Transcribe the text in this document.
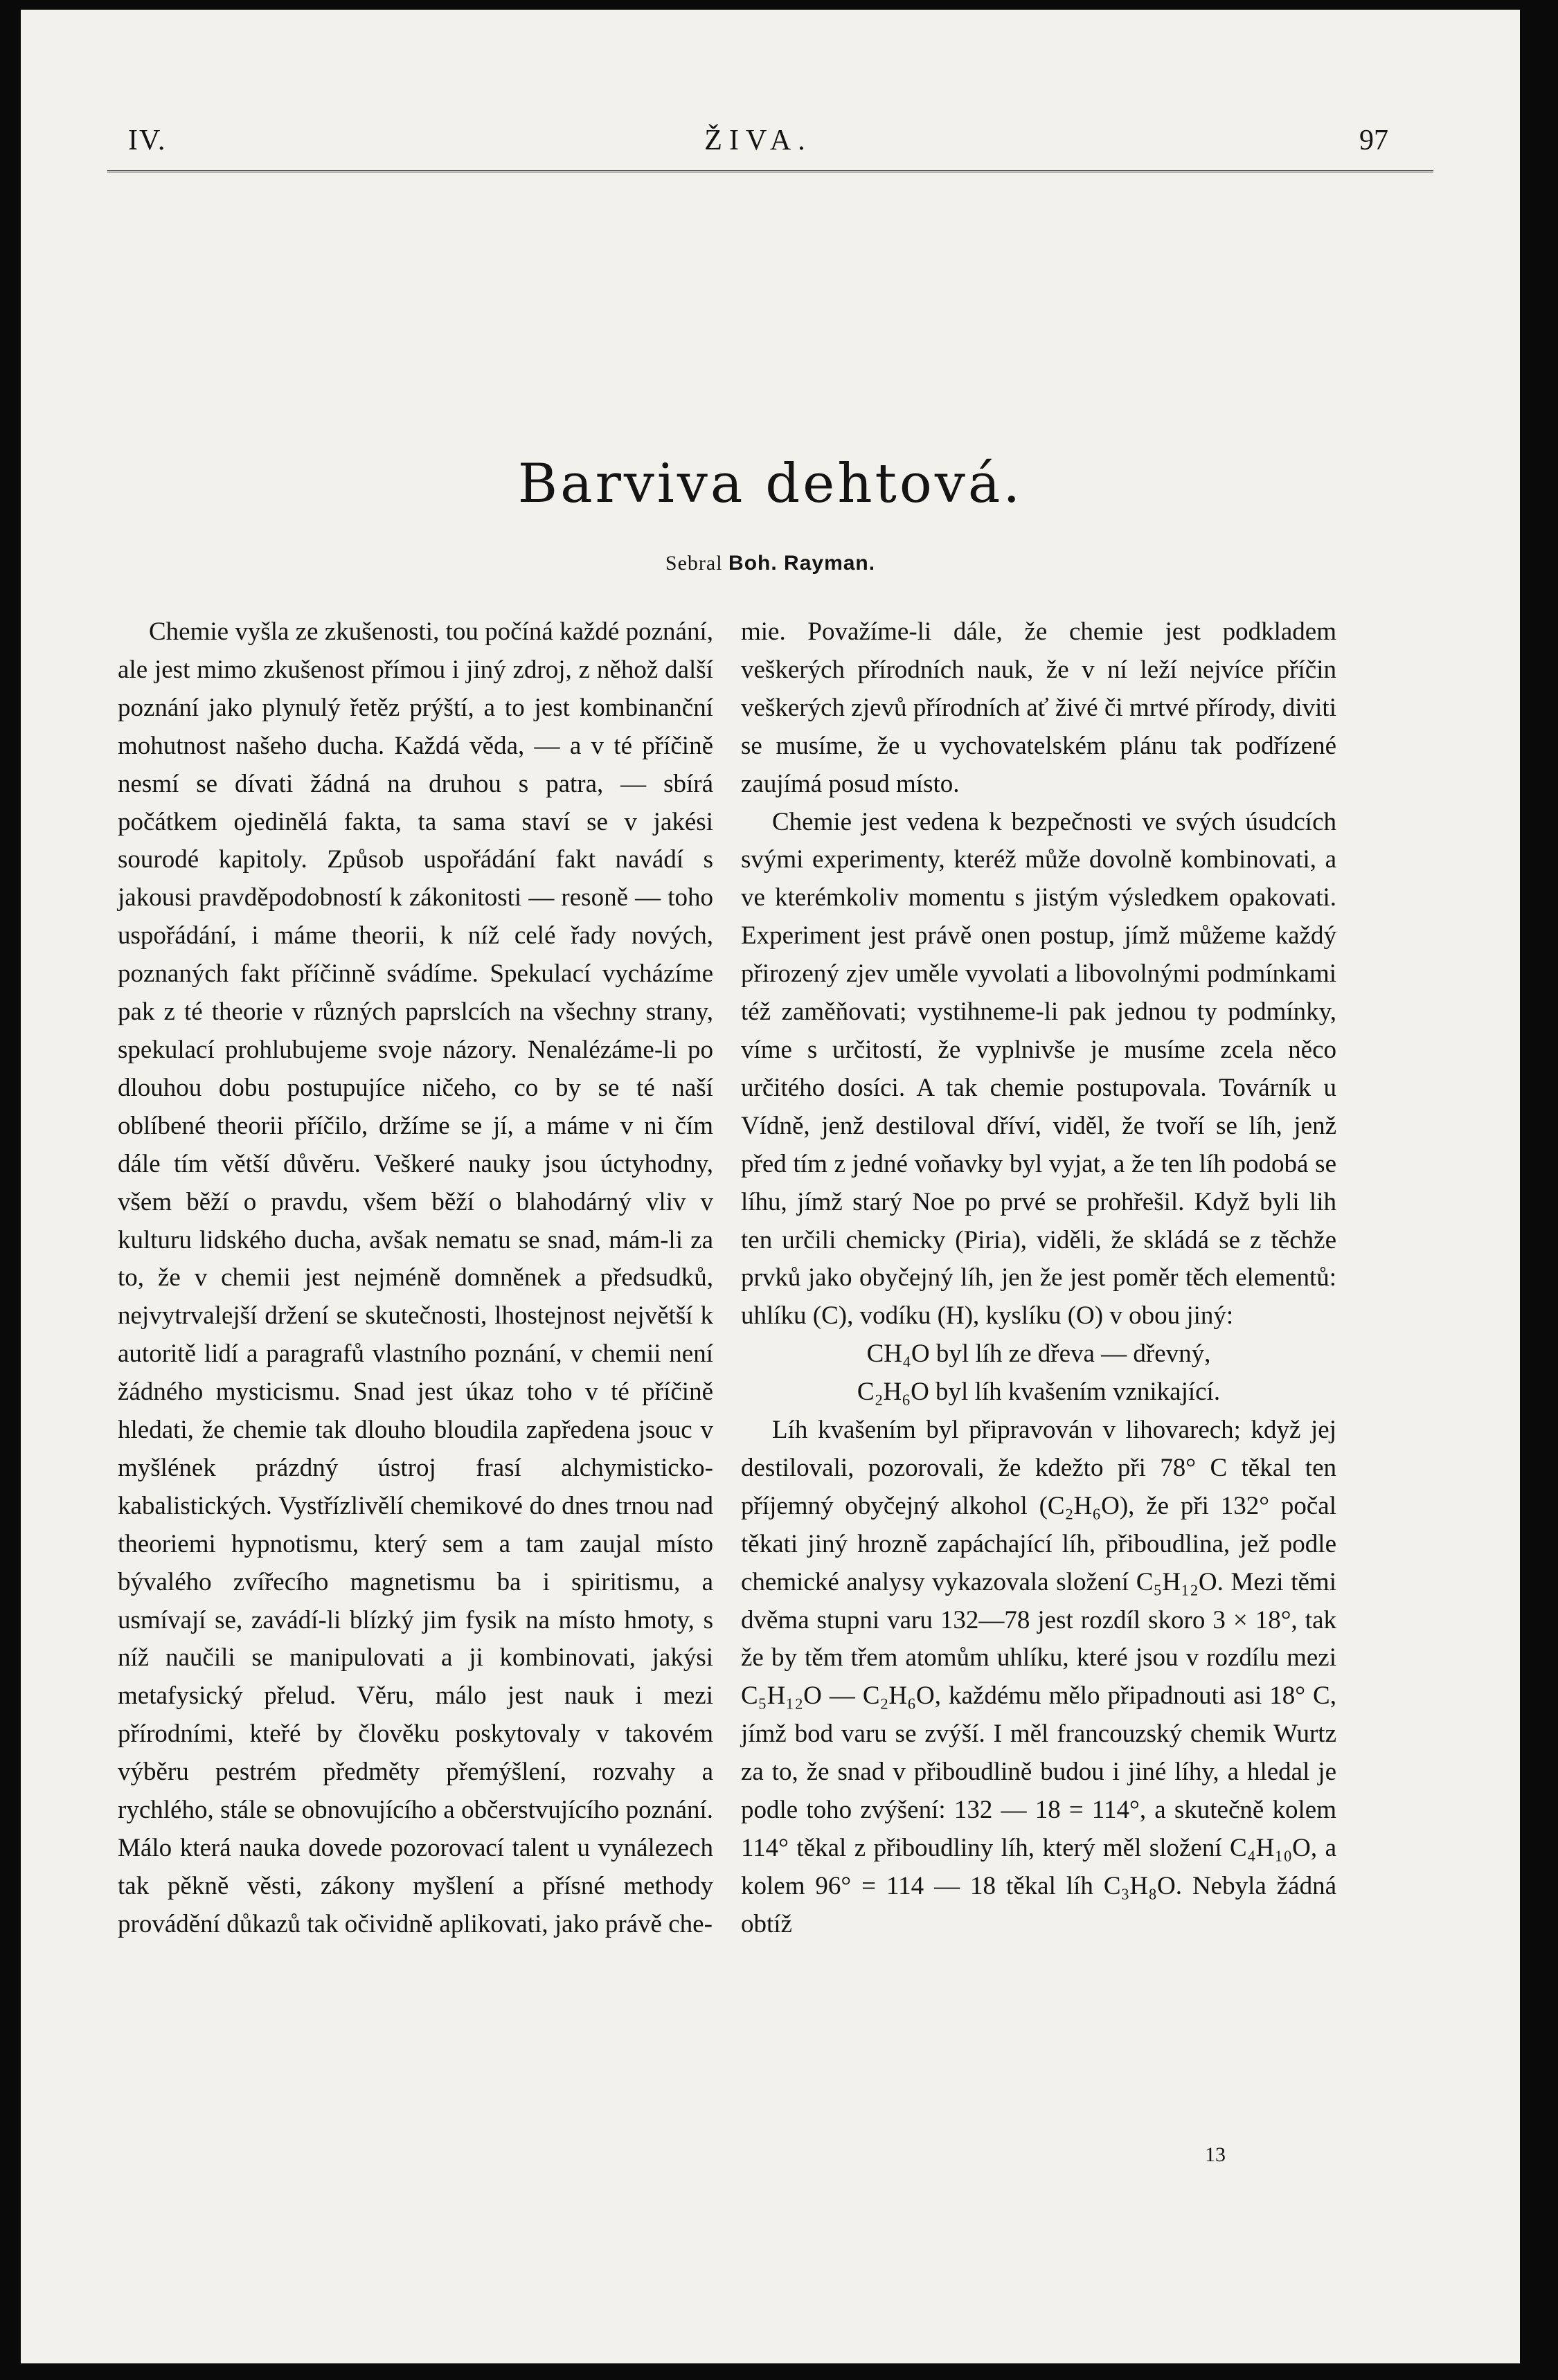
IV.	ŽIVA.	97
Barviva dehtová.
Sebral Boh. Rayman.

Chemie vyšla ze zkušenosti, tou počíná každé poznání, ale jest mimo zkušenost přímou i jiný zdroj, z něhož další poznání jako plynulý řetěz prýští, a to jest kombinanční mohutnost našeho ducha. Každá věda, — a v té příčině nesmí se dívati žádná na druhou s patra, — sbírá počátkem ojedinělá fakta, ta sama staví se v jakési sourodé kapitoly. Způsob uspořádání fakt navádí s jakousi pravděpodobností k zákonitosti — resoně — toho uspořádání, i máme theorii, k níž celé řady nových, poznaných fakt příčinně svádíme. Spekulací vycházíme pak z té theorie v různých paprslcích na všechny strany, spekulací prohlubujeme svoje názory. Nenalézáme-li po dlouhou dobu postupujíce ničeho, co by se té naší oblíbené theorii příčilo, držíme se jí, a máme v ni čím dále tím větší důvěru. Veškeré nauky jsou úctyhodny, všem běží o pravdu, všem běží o blahodárný vliv v kulturu lidského ducha, avšak nematu se snad, mám-li za to, že v chemii jest nejméně domněnek a předsudků, nejvytrvalejší držení se skutečnosti, lhostejnost největší k autoritě lidí a paragrafů vlastního poznání, v chemii není žádného mysticismu. Snad jest úkaz toho v té příčině hledati, že chemie tak dlouho bloudila zapředena jsouc v myšlének prázdný ústroj frasí alchymisticko-kabalistických. Vystřízlivělí chemikové do dnes trnou nad theoriemi hypnotismu, který sem a tam zaujal místo bývalého zvířecího magnetismu ba i spiritismu, a usmívají se, zavádí-li blízký jim fysik na místo hmoty, s níž naučili se manipulovati a ji kombinovati, jakýsi metafysický přelud. Věru, málo jest nauk i mezi přírodními, kteřé by člověku poskytovaly v takovém výběru pestrém předměty přemýšlení, rozvahy a rychlého, stále se obnovujícího a občerstvujícího poznání. Málo která nauka dovede pozorovací talent u vynálezech tak pěkně věsti, zákony myšlení a přísné methody provádění důkazů tak očividně aplikovati, jako právě che-

mie. Považíme-li dále, že chemie jest podkladem veškerých přírodních nauk, že v ní leží nejvíce příčin veškerých zjevů přírodních ať živé či mrtvé přírody, diviti se musíme, že u vychovatelském plánu tak podřízené zaujímá posud místo.

Chemie jest vedena k bezpečnosti ve svých úsudcích svými experimenty, kteréž může dovolně kombinovati, a ve kterémkoliv momentu s jistým výsledkem opakovati. Experiment jest právě onen postup, jímž můžeme každý přirozený zjev uměle vyvolati a libovolnými podmínkami též zaměňovati; vystihneme-li pak jednou ty podmínky, víme s určitostí, že vyplnivše je musíme zcela něco určitého dosíci. A tak chemie postupovala. Továrník u Vídně, jenž destiloval dříví, viděl, že tvoří se líh, jenž před tím z jedné voňavky byl vyjat, a že ten líh podobá se líhu, jímž starý Noe po prvé se prohřešil. Když byli lih ten určili chemicky (Piria), viděli, že skládá se z těchže prvků jako obyčejný líh, jen že jest poměr těch elementů: uhlíku (C), vodíku (H), kyslíku (O) v obou jiný:

CH₄O byl líh ze dřeva — dřevný,

C₂H₆O byl líh kvašením vznikající.

Líh kvašením byl připravován v lihovarech; když jej destilovali, pozorovali, že kdežto při 78° C těkal ten příjemný obyčejný alkohol (C₂H₆O), že při 132° počal těkati jiný hrozně zapáchající líh, přiboudlina, jež podle chemické analysy vykazovala složení C₅H₁₂O. Mezi těmi dvěma stupni varu 132—78 jest rozdíl skoro 3 × 18°, tak že by těm třem atomům uhlíku, které jsou v rozdílu mezi C₅H₁₂O — C₂H₆O, každému mělo připadnouti asi 18° C, jímž bod varu se zvýší. I měl francouzský chemik Wurtz za to, že snad v přiboudlině budou i jiné líhy, a hledal je podle toho zvýšení: 132 — 18 = 114°, a skutečně kolem 114° těkal z přiboudliny líh, který měl složení C₄H₁₀O, a kolem 96° = 114 — 18 těkal líh C₃H₈O. Nebyla žádná obtíž

13
